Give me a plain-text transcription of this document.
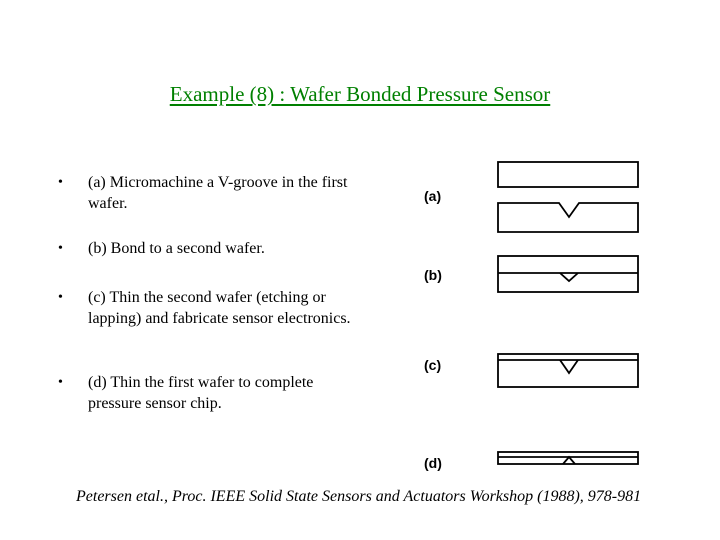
Example (8) : Wafer Bonded Pressure Sensor
•	(a) Micromachine a V-groove in the first wafer.
•	(b) Bond to a second wafer.
•	(c) Thin the second wafer (etching or lapping) and fabricate sensor electronics.
•	(d) Thin the first wafer to complete pressure sensor chip.
(a)
(b)
(c)
(d)
Petersen etal., Proc. IEEE Solid State Sensors and Actuators Workshop (1988), 978-981
